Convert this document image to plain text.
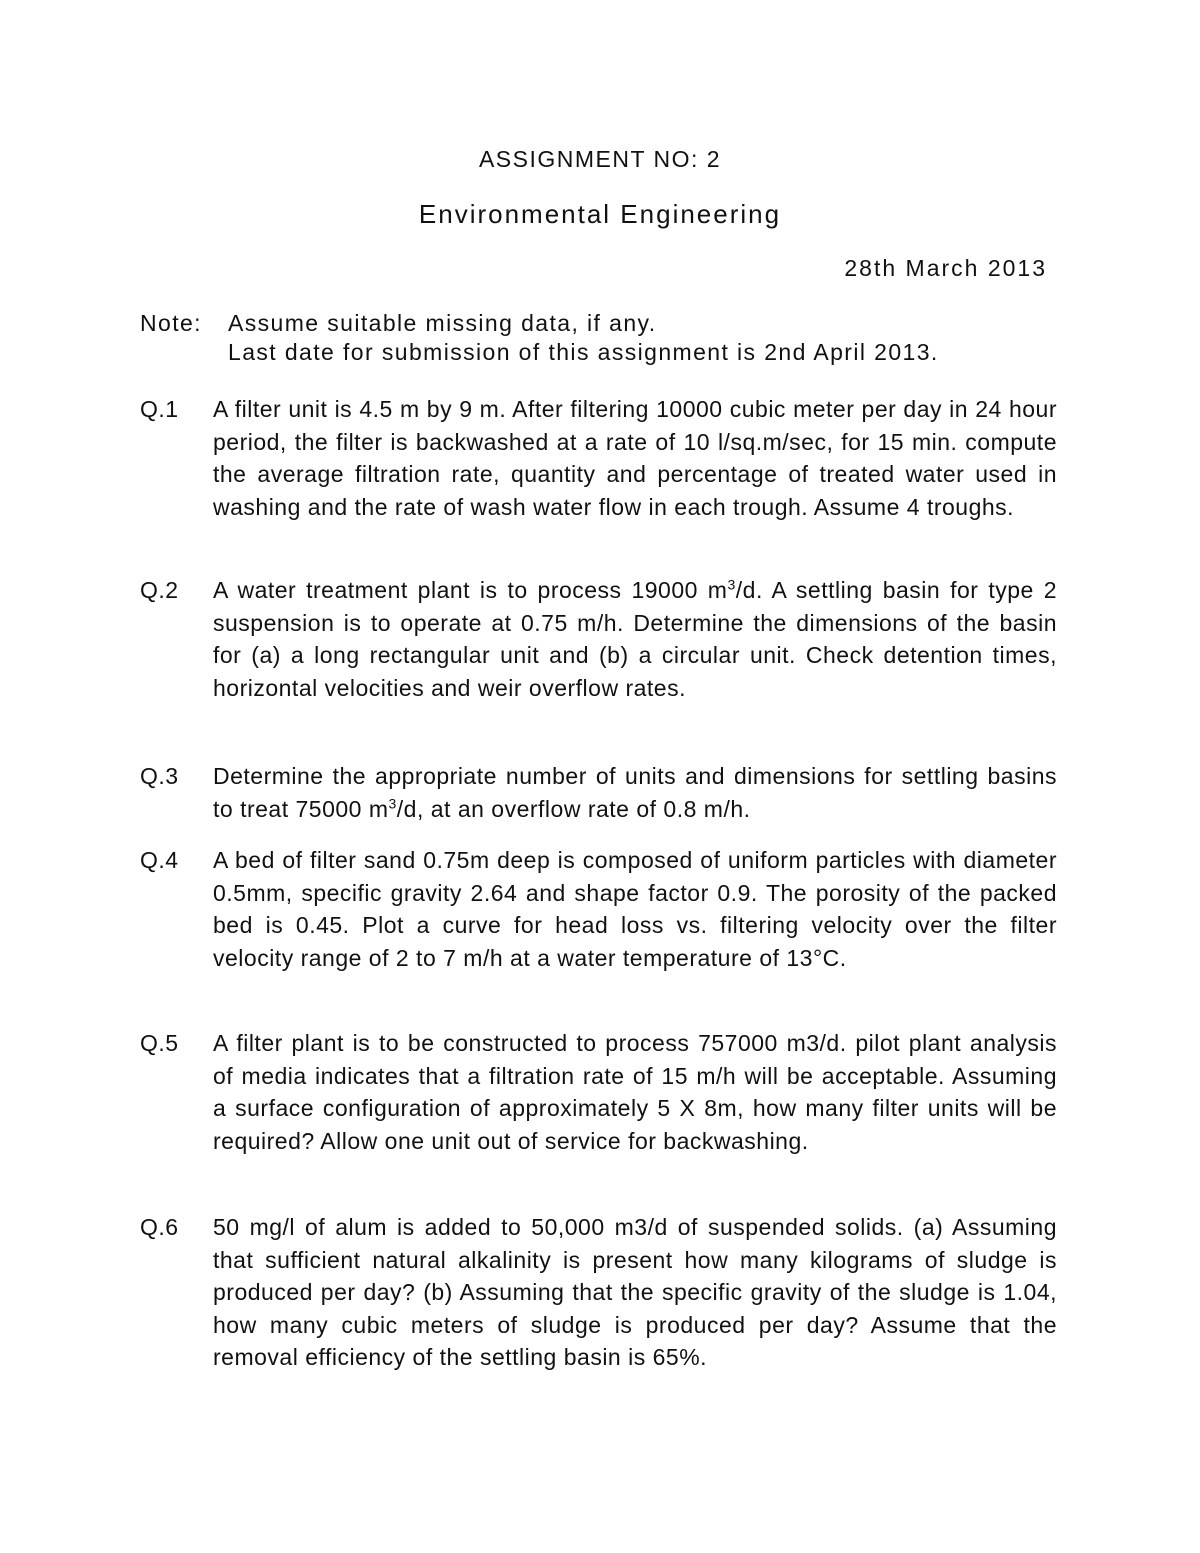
ASSIGNMENT NO: 2
Environmental Engineering
28th March 2013
Note: Assume suitable missing data, if any.
Last date for submission of this assignment is 2nd April 2013.
Q.1 A filter unit is 4.5 m by 9 m. After filtering 10000 cubic meter per day in 24 hour period, the filter is backwashed at a rate of 10 l/sq.m/sec, for 15 min. compute the average filtration rate, quantity and percentage of treated water used in washing and the rate of wash water flow in each trough. Assume 4 troughs.
Q.2 A water treatment plant is to process 19000 $m^3/d$. A settling basin for type 2 suspension is to operate at 0.75 m/h. Determine the dimensions of the basin for (a) a long rectangular unit and (b) a circular unit. Check detention times, horizontal velocities and weir overflow rates.
Q.3 Determine the appropriate number of units and dimensions for settling basins to treat 75000 $m^3/d$, at an overflow rate of 0.8 m/h.
Q.4 A bed of filter sand 0.75m deep is composed of uniform particles with diameter 0.5mm, specific gravity 2.64 and shape factor 0.9. The porosity of the packed bed is 0.45. Plot a curve for head loss vs. filtering velocity over the filter velocity range of 2 to 7 m/h at a water temperature of 13°C.
Q.5 A filter plant is to be constructed to process 757000 m3/d. pilot plant analysis of media indicates that a filtration rate of 15 m/h will be acceptable. Assuming a surface configuration of approximately 5 X 8m, how many filter units will be required? Allow one unit out of service for backwashing.
Q.6 50 mg/l of alum is added to 50,000 m3/d of suspended solids. (a) Assuming that sufficient natural alkalinity is present how many kilograms of sludge is produced per day? (b) Assuming that the specific gravity of the sludge is 1.04, how many cubic meters of sludge is produced per day? Assume that the removal efficiency of the settling basin is 65%.
